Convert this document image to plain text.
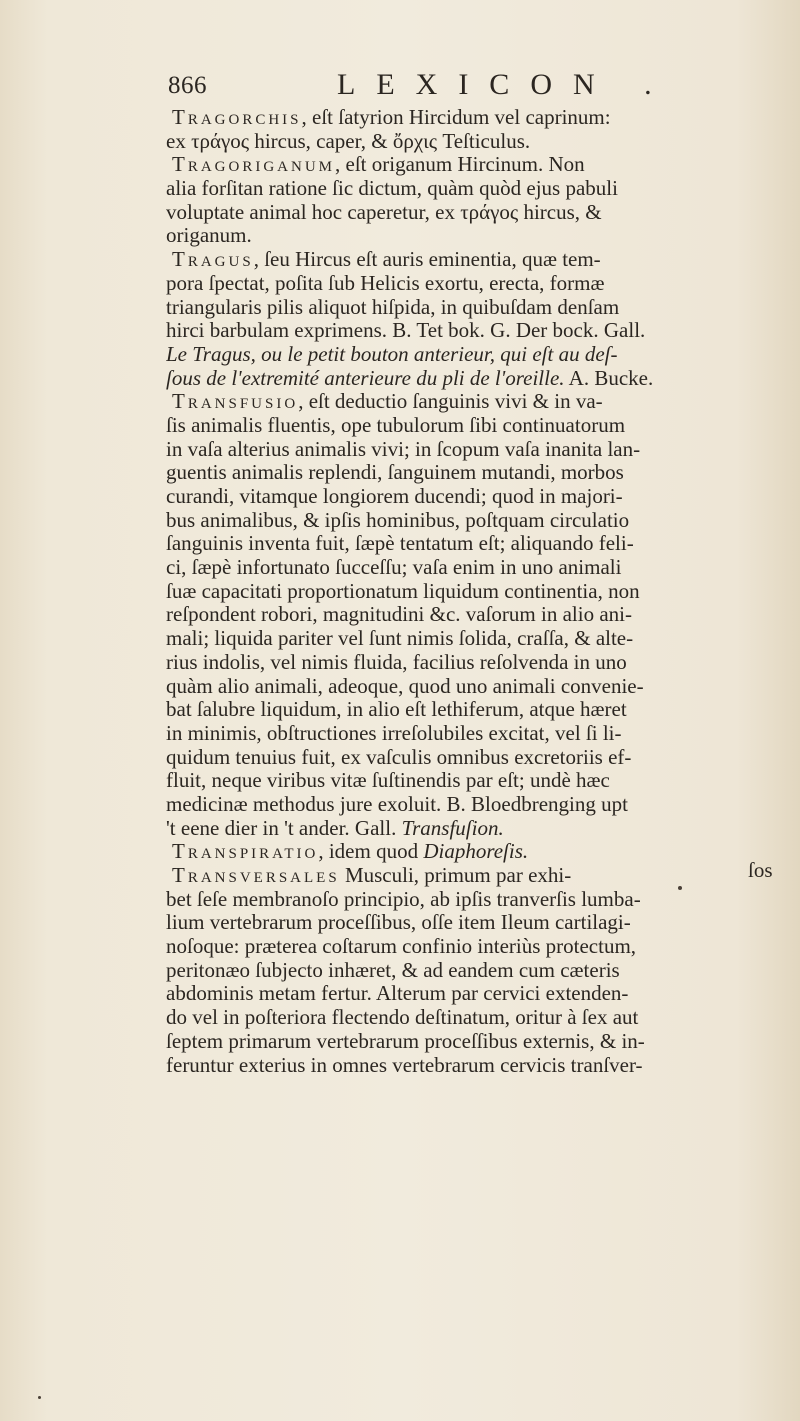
866	LEXICON .
Tragorchis, eſt ſatyrion Hircidum vel caprinum:
ex τράγος hircus, caper, & ὄρχις Teſticulus.
Tragoriganum, eſt origanum Hircinum. Non
alia forſitan ratione ſic dictum, quàm quòd ejus pabuli
voluptate animal hoc caperetur, ex τράγος hircus, &
origanum.
Tragus, ſeu Hircus eſt auris eminentia, quæ tem-
pora ſpectat, poſita ſub Helicis exortu, erecta, formæ
triangularis pilis aliquot hiſpida, in quibuſdam denſam
hirci barbulam exprimens. B. Tet bok. G. Der bock. Gall.
Le Tragus, ou le petit bouton anterieur, qui eſt au deſ-
ſous de l'extremité anterieure du pli de l'oreille. A. Bucke.
Transfusio, eſt deductio ſanguinis vivi & in va-
ſis animalis fluentis, ope tubulorum ſibi continuatorum
in vaſa alterius animalis vivi; in ſcopum vaſa inanita lan-
guentis animalis replendi, ſanguinem mutandi, morbos
curandi, vitamque longiorem ducendi; quod in majori-
bus animalibus, & ipſis hominibus, poſtquam circulatio
ſanguinis inventa fuit, ſæpè tentatum eſt; aliquando feli-
ci, ſæpè infortunato ſucceſſu; vaſa enim in uno animali
ſuæ capacitati proportionatum liquidum continentia, non
reſpondent robori, magnitudini &c. vaſorum in alio ani-
mali; liquida pariter vel ſunt nimis ſolida, craſſa, & alte-
rius indolis, vel nimis fluida, facilius reſolvenda in uno
quàm alio animali, adeoque, quod uno animali convenie-
bat ſalubre liquidum, in alio eſt lethiferum, atque hæret
in minimis, obſtructiones irreſolubiles excitat, vel ſi li-
quidum tenuius fuit, ex vaſculis omnibus excretoriis ef-
fluit, neque viribus vitæ ſuſtinendis par eſt; undè hæc
medicinæ methodus jure exoluit. B. Bloedbrenging upt
't eene dier in 't ander. Gall. Transfuſion.
Transpiratio, idem quod Diaphoreſis.
Transversales Musculi, primum par exhi-
bet ſeſe membranoſo principio, ab ipſis tranverſis lumba-
lium vertebrarum proceſſibus, oſſe item Ileum cartilagi-
noſoque: præterea coſtarum confinio interiùs protectum,
peritonæo ſubjecto inhæret, & ad eandem cum cæteris
abdominis metam fertur. Alterum par cervici extenden-
do vel in poſteriora flectendo deſtinatum, oritur à ſex aut
ſeptem primarum vertebrarum proceſſibus externis, & in-
feruntur exterius in omnes vertebrarum cervicis tranſver-
ſos
